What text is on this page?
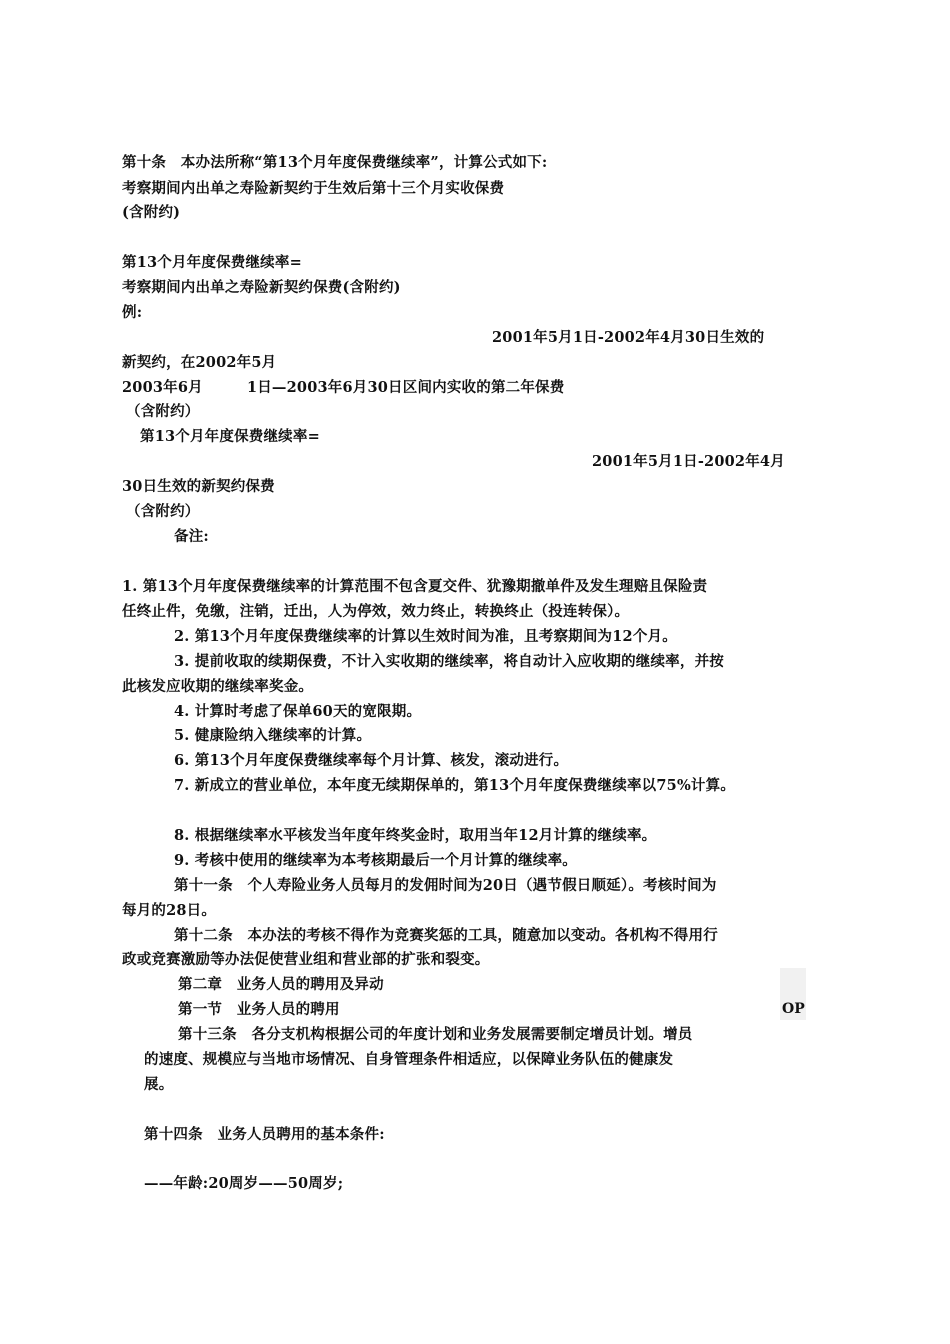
第十条　本办法所称“第13个月年度保费继续率”，计算公式如下:
考察期间内出单之寿险新契约于生效后第十三个月实收保费
(含附约)
第13个月年度保费继续率=
考察期间内出单之寿险新契约保费(含附约)
例:
2001年5月1日-2002年4月30日生效的
新契约，在2002年5月
2003年6月　　　1日—2003年6月30日区间内实收的第二年保费
（含附约）
第13个月年度保费继续率=
2001年5月1日-2002年4月
30日生效的新契约保费
（含附约）
备注:
1. 第13个月年度保费继续率的计算范围不包含夏交件、犹豫期撤单件及发生理赔且保险责
任终止件，免缴，注销，迁出，人为停效，效力终止，转换终止（投连转保）。
2. 第13个月年度保费继续率的计算以生效时间为准，且考察期间为12个月。
3. 提前收取的续期保费，不计入实收期的继续率，将自动计入应收期的继续率，并按
此核发应收期的继续率奖金。
4. 计算时考虑了保单60天的宽限期。
5. 健康险纳入继续率的计算。
6. 第13个月年度保费继续率每个月计算、核发，滚动进行。
7. 新成立的营业单位，本年度无续期保单的，第13个月年度保费继续率以75%计算。
8. 根据继续率水平核发当年度年终奖金时，取用当年12月计算的继续率。
9. 考核中使用的继续率为本考核期最后一个月计算的继续率。
第十一条　个人寿险业务人员每月的发佣时间为20日（遇节假日顺延）。考核时间为
每月的28日。
第十二条　本办法的考核不得作为竞赛奖惩的工具，随意加以变动。各机构不得用行
政或竞赛激励等办法促使营业组和营业部的扩张和裂变。
第二章　业务人员的聘用及异动
第一节　业务人员的聘用	OP
第十三条　各分支机构根据公司的年度计划和业务发展需要制定增员计划。增员
的速度、规模应与当地市场情况、自身管理条件相适应，以保障业务队伍的健康发
展。
第十四条　业务人员聘用的基本条件:
——年龄:20周岁——50周岁;
